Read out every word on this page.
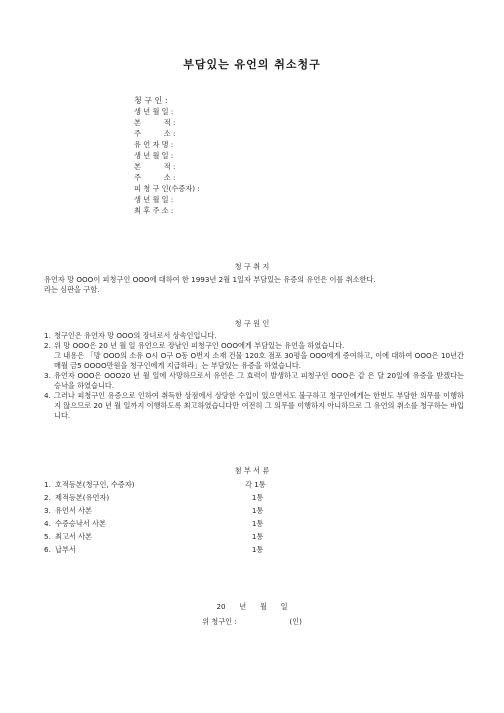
부담있는 유언의 취소청구
청 구 인 :
생 년 월 일 :
본          적 :
주          소 :
유 언 자 명 :
생 년 월 일 :
본          적 :
주          소 :
피 청 구 인(수증자) :
생 년 월 일 :
최 후 주 소 :
청 구 취 지
유언자 망 OOO이 피청구인 OOO에 대하여 한 1993년 2월 1일자 부담있는 유증의 유언은 이를 취소한다.
라는 심판을 구함.
청 구 원 인
1. 청구인은 유언자 망 OOO의 장녀로서 상속인입니다.
2. 위 망 OOO은 20 년 월 일 유언으로 장남인 피청구인 OOO에게 부담있는 유언을 하였습니다.
그 내용은 「망 OOO의 소유 O시 O구 O동 O번지 소재 건물 120호 점포 30평을 OOO에게 증여하고, 이에 대하여 OOO은 10년간 매월 금5 OOOO만원을 청구인에게 지급하라」는 부담있는 유증을 하였습니다.
3. 유언자 OOO은 OOO20 년 월 일에 사망하므로서 유언은 그 효력이 발생하고 피청구인 OOO은 같 은 달 20일에 유증을 받겠다는 승낙을 하였습니다.
4. 그러나 피청구인 유증으로 인하여 취득한 상점에서 상당한 수입이 있으면서도 불구하고 청구인에게는 한번도 부담한 의무를 이행하지 않으므로 20 년 월 일까지 이행하도록 최고하였습니다만 여전히 그 의무를 이행하지 아니하므로 그 유언의 취소를 청구하는 바입니다.
첨 부 서 류
1. 호적등본(청구인, 수증자)	각 1통
2. 제적등본(유언자)	1통
3. 유언서 사본	1통
4. 수증승낙서 사본	1통
5. 최고서 사본	1통
6. 납부서	1통
20      년      월      일
위 청구인 :                       (인)
